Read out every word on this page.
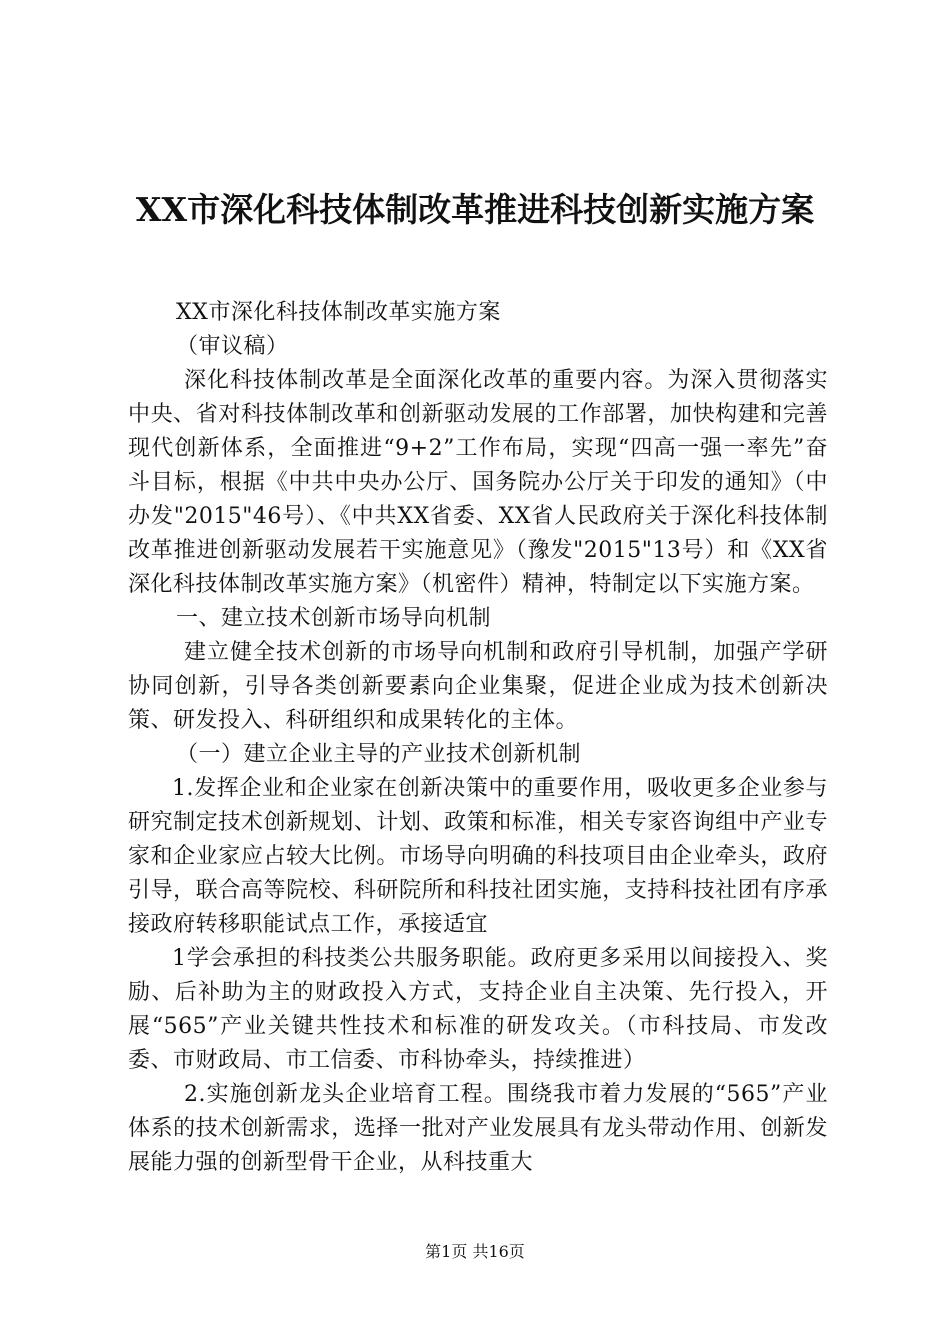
XX市深化科技体制改革推进科技创新实施方案

XX市深化科技体制改革实施方案

（审议稿）

深化科技体制改革是全面深化改革的重要内容。为深入贯彻落实中央、省对科技体制改革和创新驱动发展的工作部署，加快构建和完善现代创新体系，全面推进“9+2”工作布局，实现“四高一强一率先”奋斗目标，根据《中共中央办公厅、国务院办公厅关于印发的通知》（中办发"2015"46号）、《中共XX省委、XX省人民政府关于深化科技体制改革推进创新驱动发展若干实施意见》（豫发"2015"13号）和《XX省深化科技体制改革实施方案》（机密件）精神，特制定以下实施方案。

一、建立技术创新市场导向机制

建立健全技术创新的市场导向机制和政府引导机制，加强产学研协同创新，引导各类创新要素向企业集聚，促进企业成为技术创新决策、研发投入、科研组织和成果转化的主体。

（一）建立企业主导的产业技术创新机制

1.发挥企业和企业家在创新决策中的重要作用，吸收更多企业参与研究制定技术创新规划、计划、政策和标准，相关专家咨询组中产业专家和企业家应占较大比例。市场导向明确的科技项目由企业牵头，政府引导，联合高等院校、科研院所和科技社团实施，支持科技社团有序承接政府转移职能试点工作，承接适宜

1学会承担的科技类公共服务职能。政府更多采用以间接投入、奖励、后补助为主的财政投入方式，支持企业自主决策、先行投入，开展“565”产业关键共性技术和标准的研发攻关。（市科技局、市发改委、市财政局、市工信委、市科协牵头，持续推进）

2.实施创新龙头企业培育工程。围绕我市着力发展的“565”产业体系的技术创新需求，选择一批对产业发展具有龙头带动作用、创新发展能力强的创新型骨干企业，从科技重大

第1页 共16页
